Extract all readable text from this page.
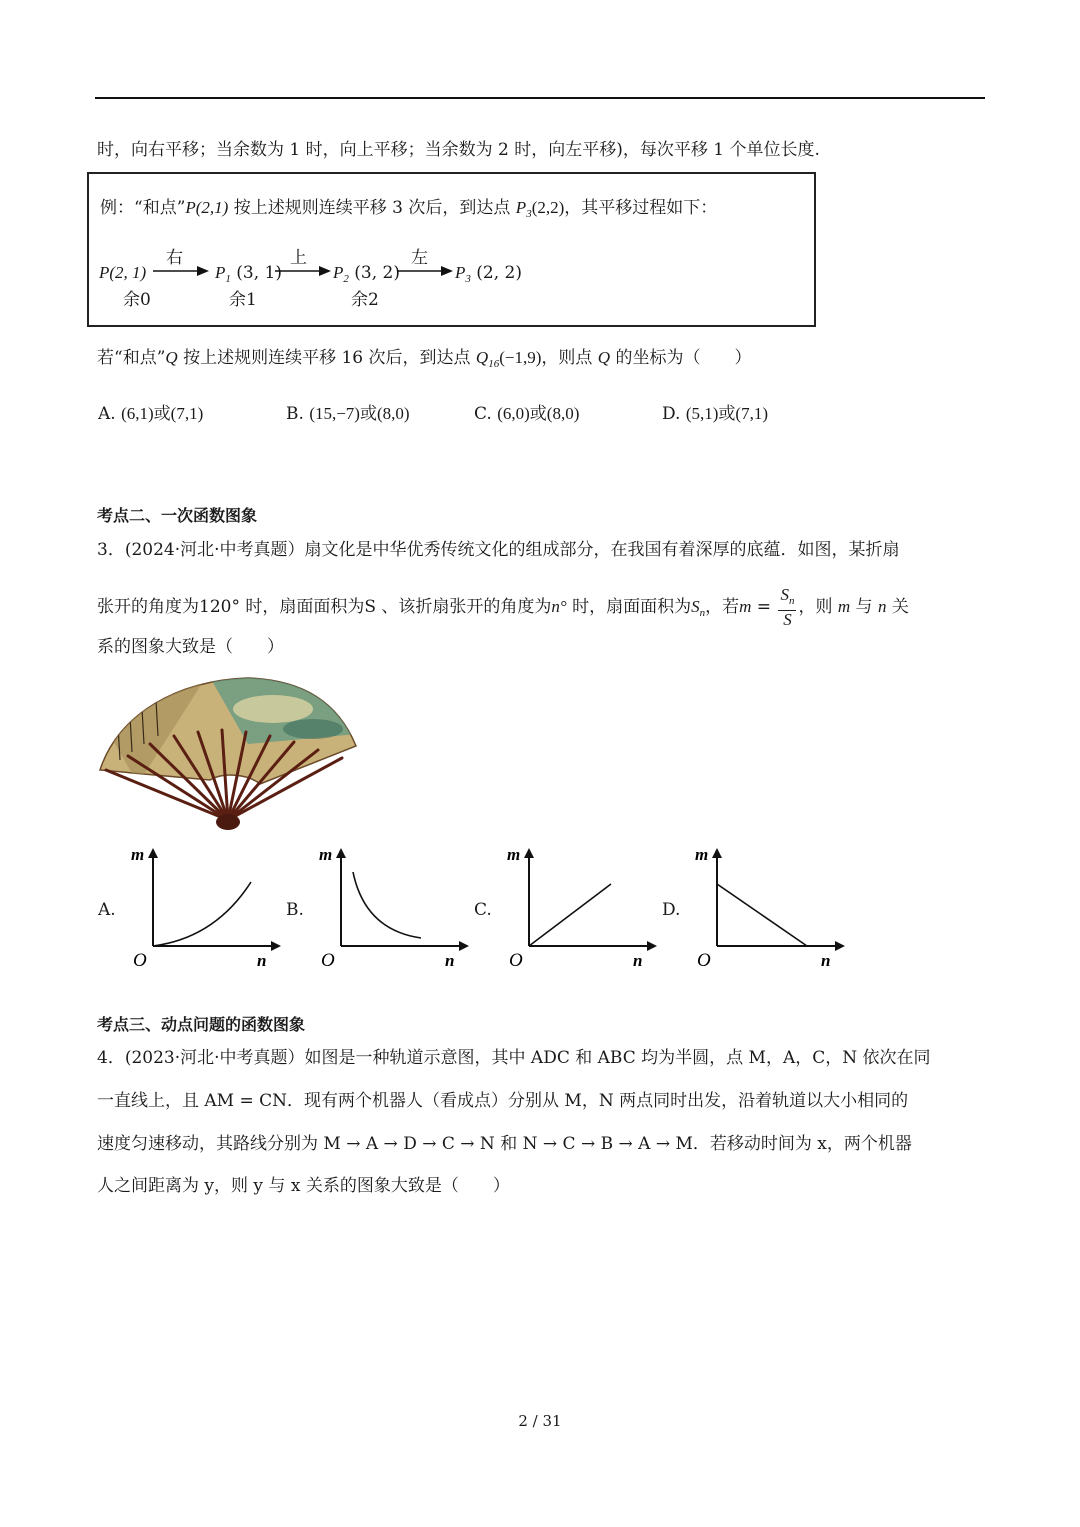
时，向右平移；当余数为 1 时，向上平移；当余数为 2 时，向左平移)，每次平移 1 个单位长度.
例：“和点”P(2,1) 按上述规则连续平移 3 次后，到达点 $P_3(2,2)$，其平移过程如下：
P(2, 1)
余0
右
$P_1$ (3, 1)
余1
上
$P_2$ (3, 2)
余2
左
$P_3$ (2, 2)
若“和点”Q 按上述规则连续平移 16 次后，到达点 $Q_{16}(-1,9)$，则点 Q 的坐标为（　　）
A. (6,1)或(7,1)	B. (15,−7)或(8,0)	C. (6,0)或(8,0)	D. (5,1)或(7,1)
考点二、一次函数图象
3．(2024·河北·中考真题）扇文化是中华优秀传统文化的组成部分，在我国有着深厚的底蕴．如图，某折扇
张开的角度为120° 时，扇面面积为S 、该折扇张开的角度为n° 时，扇面面积为$S_n$，若$m = \frac{S_n}{S}$ ，则 m 与 n 关
系的图象大致是（　　）
A.
m
O	n
B.
m
O	n
C.
m
O	n
D.
m
O	n
考点三、动点问题的函数图象
4．(2023·河北·中考真题）如图是一种轨道示意图，其中 ADC 和 ABC 均为半圆，点 M，A，C，N 依次在同
一直线上，且 AM = CN．现有两个机器人（看成点）分别从 M，N 两点同时出发，沿着轨道以大小相同的
速度匀速移动，其路线分别为 M → A → D → C → N 和 N → C → B → A → M．若移动时间为 x，两个机器
人之间距离为 y，则 y 与 x 关系的图象大致是（　　）
2 / 31
